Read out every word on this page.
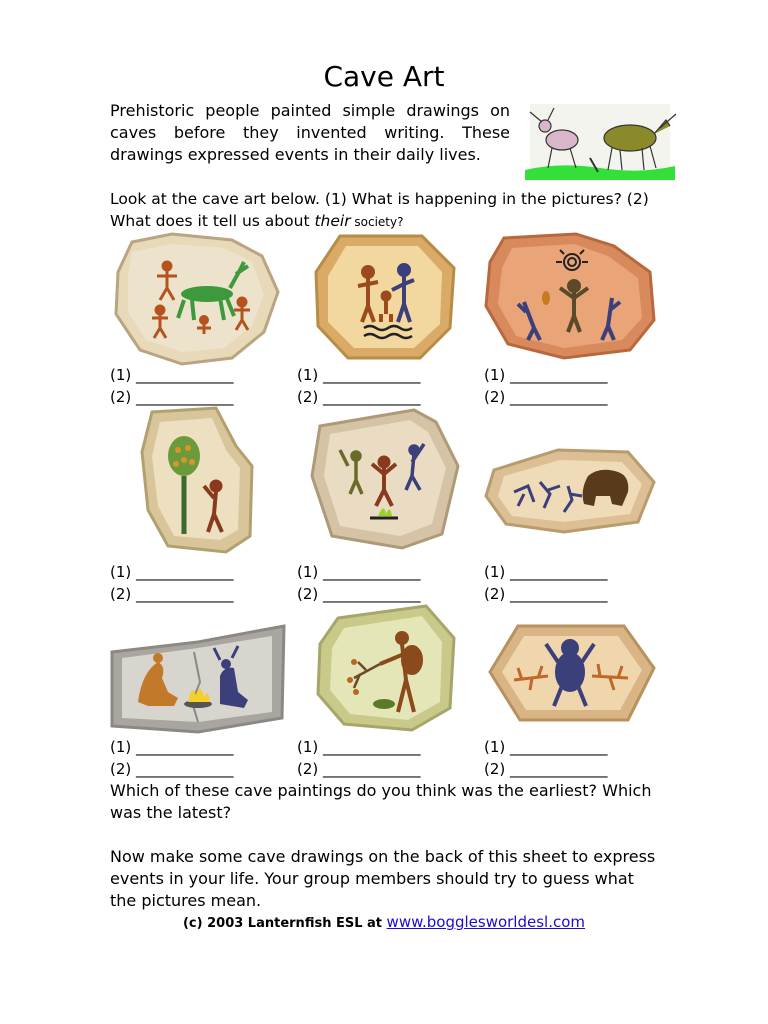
Cave Art
Prehistoric people painted simple drawings on caves before they invented writing. These drawings expressed events in their daily lives.
Look at the cave art below. (1) What is happening in the pictures? (2) What does it tell us about their society?
(1) _____________
(2) _____________
(1) _____________
(2) _____________
(1) _____________
(2) _____________
(1) _____________
(2) _____________
(1) _____________
(2) _____________
(1) _____________
(2) _____________
(1) _____________
(2) _____________
(1) _____________
(2) _____________
(1) _____________
(2) _____________
Which of these cave paintings do you think was the earliest? Which was the latest?
Now make some cave drawings on the back of this sheet to express events in your life. Your group members should try to guess what the pictures mean.
(c) 2003 Lanternfish ESL at www.bogglesworldesl.com
